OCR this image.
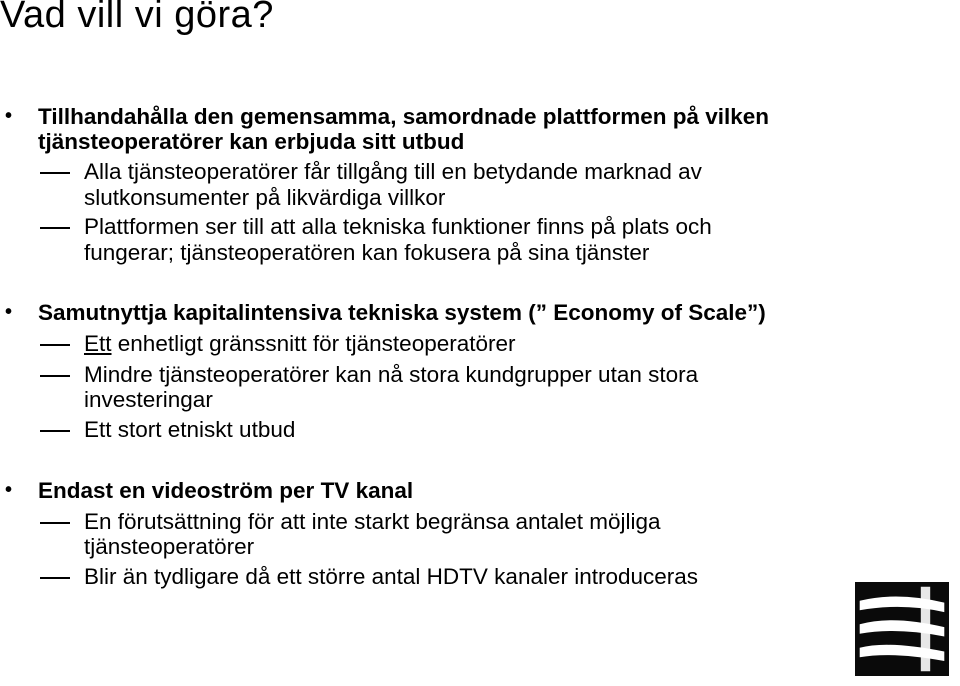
Vad vill vi göra?
• Tillhandahålla den gemensamma, samordnade plattformen på vilken
tjänsteoperatörer kan erbjuda sitt utbud
Alla tjänsteoperatörer får tillgång till en betydande marknad av
slutkonsumenter på likvärdiga villkor
Plattformen ser till att alla tekniska funktioner finns på plats och
fungerar; tjänsteoperatören kan fokusera på sina tjänster
• Samutnyttja kapitalintensiva tekniska system (” Economy of Scale”)
Ett enhetligt gränssnitt för tjänsteoperatörer
Mindre tjänsteoperatörer kan nå stora kundgrupper utan stora
investeringar
Ett stort etniskt utbud
• Endast en videoström per TV kanal
En förutsättning för att inte starkt begränsa antalet möjliga
tjänsteoperatörer
Blir än tydligare då ett större antal HDTV kanaler introduceras
